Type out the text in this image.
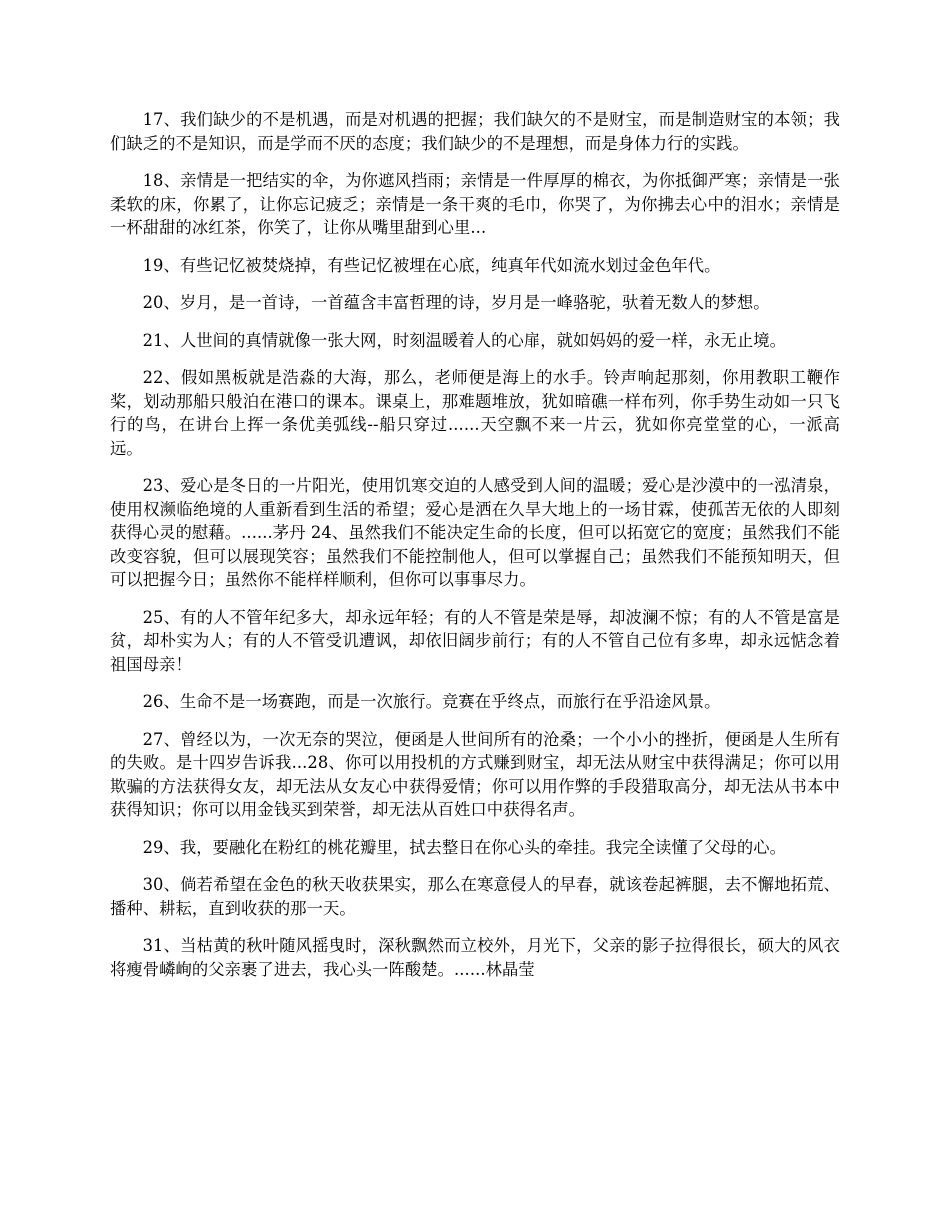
17、我们缺少的不是机遇，而是对机遇的把握；我们缺欠的不是财宝，而是制造财宝的本领；我们缺乏的不是知识，而是学而不厌的态度；我们缺少的不是理想，而是身体力行的实践。

18、亲情是一把结实的伞，为你遮风挡雨；亲情是一件厚厚的棉衣，为你抵御严寒；亲情是一张柔软的床，你累了，让你忘记疲乏；亲情是一条干爽的毛巾，你哭了，为你拂去心中的泪水；亲情是一杯甜甜的冰红茶，你笑了，让你从嘴里甜到心里...

19、有些记忆被焚烧掉，有些记忆被埋在心底，纯真年代如流水划过金色年代。

20、岁月，是一首诗，一首蕴含丰富哲理的诗，岁月是一峰骆驼，驮着无数人的梦想。

21、人世间的真情就像一张大网，时刻温暖着人的心扉，就如妈妈的爱一样，永无止境。

22、假如黑板就是浩淼的大海，那么，老师便是海上的水手。铃声响起那刻，你用教职工鞭作桨，划动那船只般泊在港口的课本。课桌上，那难题堆放，犹如暗礁一样布列，你手势生动如一只飞行的鸟，在讲台上挥一条优美弧线--船只穿过......天空飘不来一片云，犹如你亮堂堂的心，一派高远。

23、爱心是冬日的一片阳光，使用饥寒交迫的人感受到人间的温暖；爱心是沙漠中的一泓清泉，使用权濒临绝境的人重新看到生活的希望；爱心是洒在久旱大地上的一场甘霖，使孤苦无依的人即刻获得心灵的慰藉。......茅丹 24、虽然我们不能决定生命的长度，但可以拓宽它的宽度；虽然我们不能改变容貌，但可以展现笑容；虽然我们不能控制他人，但可以掌握自己；虽然我们不能预知明天，但可以把握今日；虽然你不能样样顺利，但你可以事事尽力。

25、有的人不管年纪多大，却永远年轻；有的人不管是荣是辱，却波澜不惊；有的人不管是富是贫，却朴实为人；有的人不管受讥遭讽，却依旧阔步前行；有的人不管自己位有多卑，却永远惦念着祖国母亲！

26、生命不是一场赛跑，而是一次旅行。竞赛在乎终点，而旅行在乎沿途风景。

27、曾经以为，一次无奈的哭泣，便函是人世间所有的沧桑；一个小小的挫折，便函是人生所有的失败。是十四岁告诉我...28、你可以用投机的方式赚到财宝，却无法从财宝中获得满足；你可以用欺骗的方法获得女友，却无法从女友心中获得爱情；你可以用作弊的手段猎取高分，却无法从书本中获得知识；你可以用金钱买到荣誉，却无法从百姓口中获得名声。

29、我，要融化在粉红的桃花瓣里，拭去整日在你心头的牵挂。我完全读懂了父母的心。

30、倘若希望在金色的秋天收获果实，那么在寒意侵人的早春，就该卷起裤腿，去不懈地拓荒、播种、耕耘，直到收获的那一天。

31、当枯黄的秋叶随风摇曳时，深秋飘然而立校外，月光下，父亲的影子拉得很长，硕大的风衣将瘦骨嶙峋的父亲裹了进去，我心头一阵酸楚。......林晶莹
